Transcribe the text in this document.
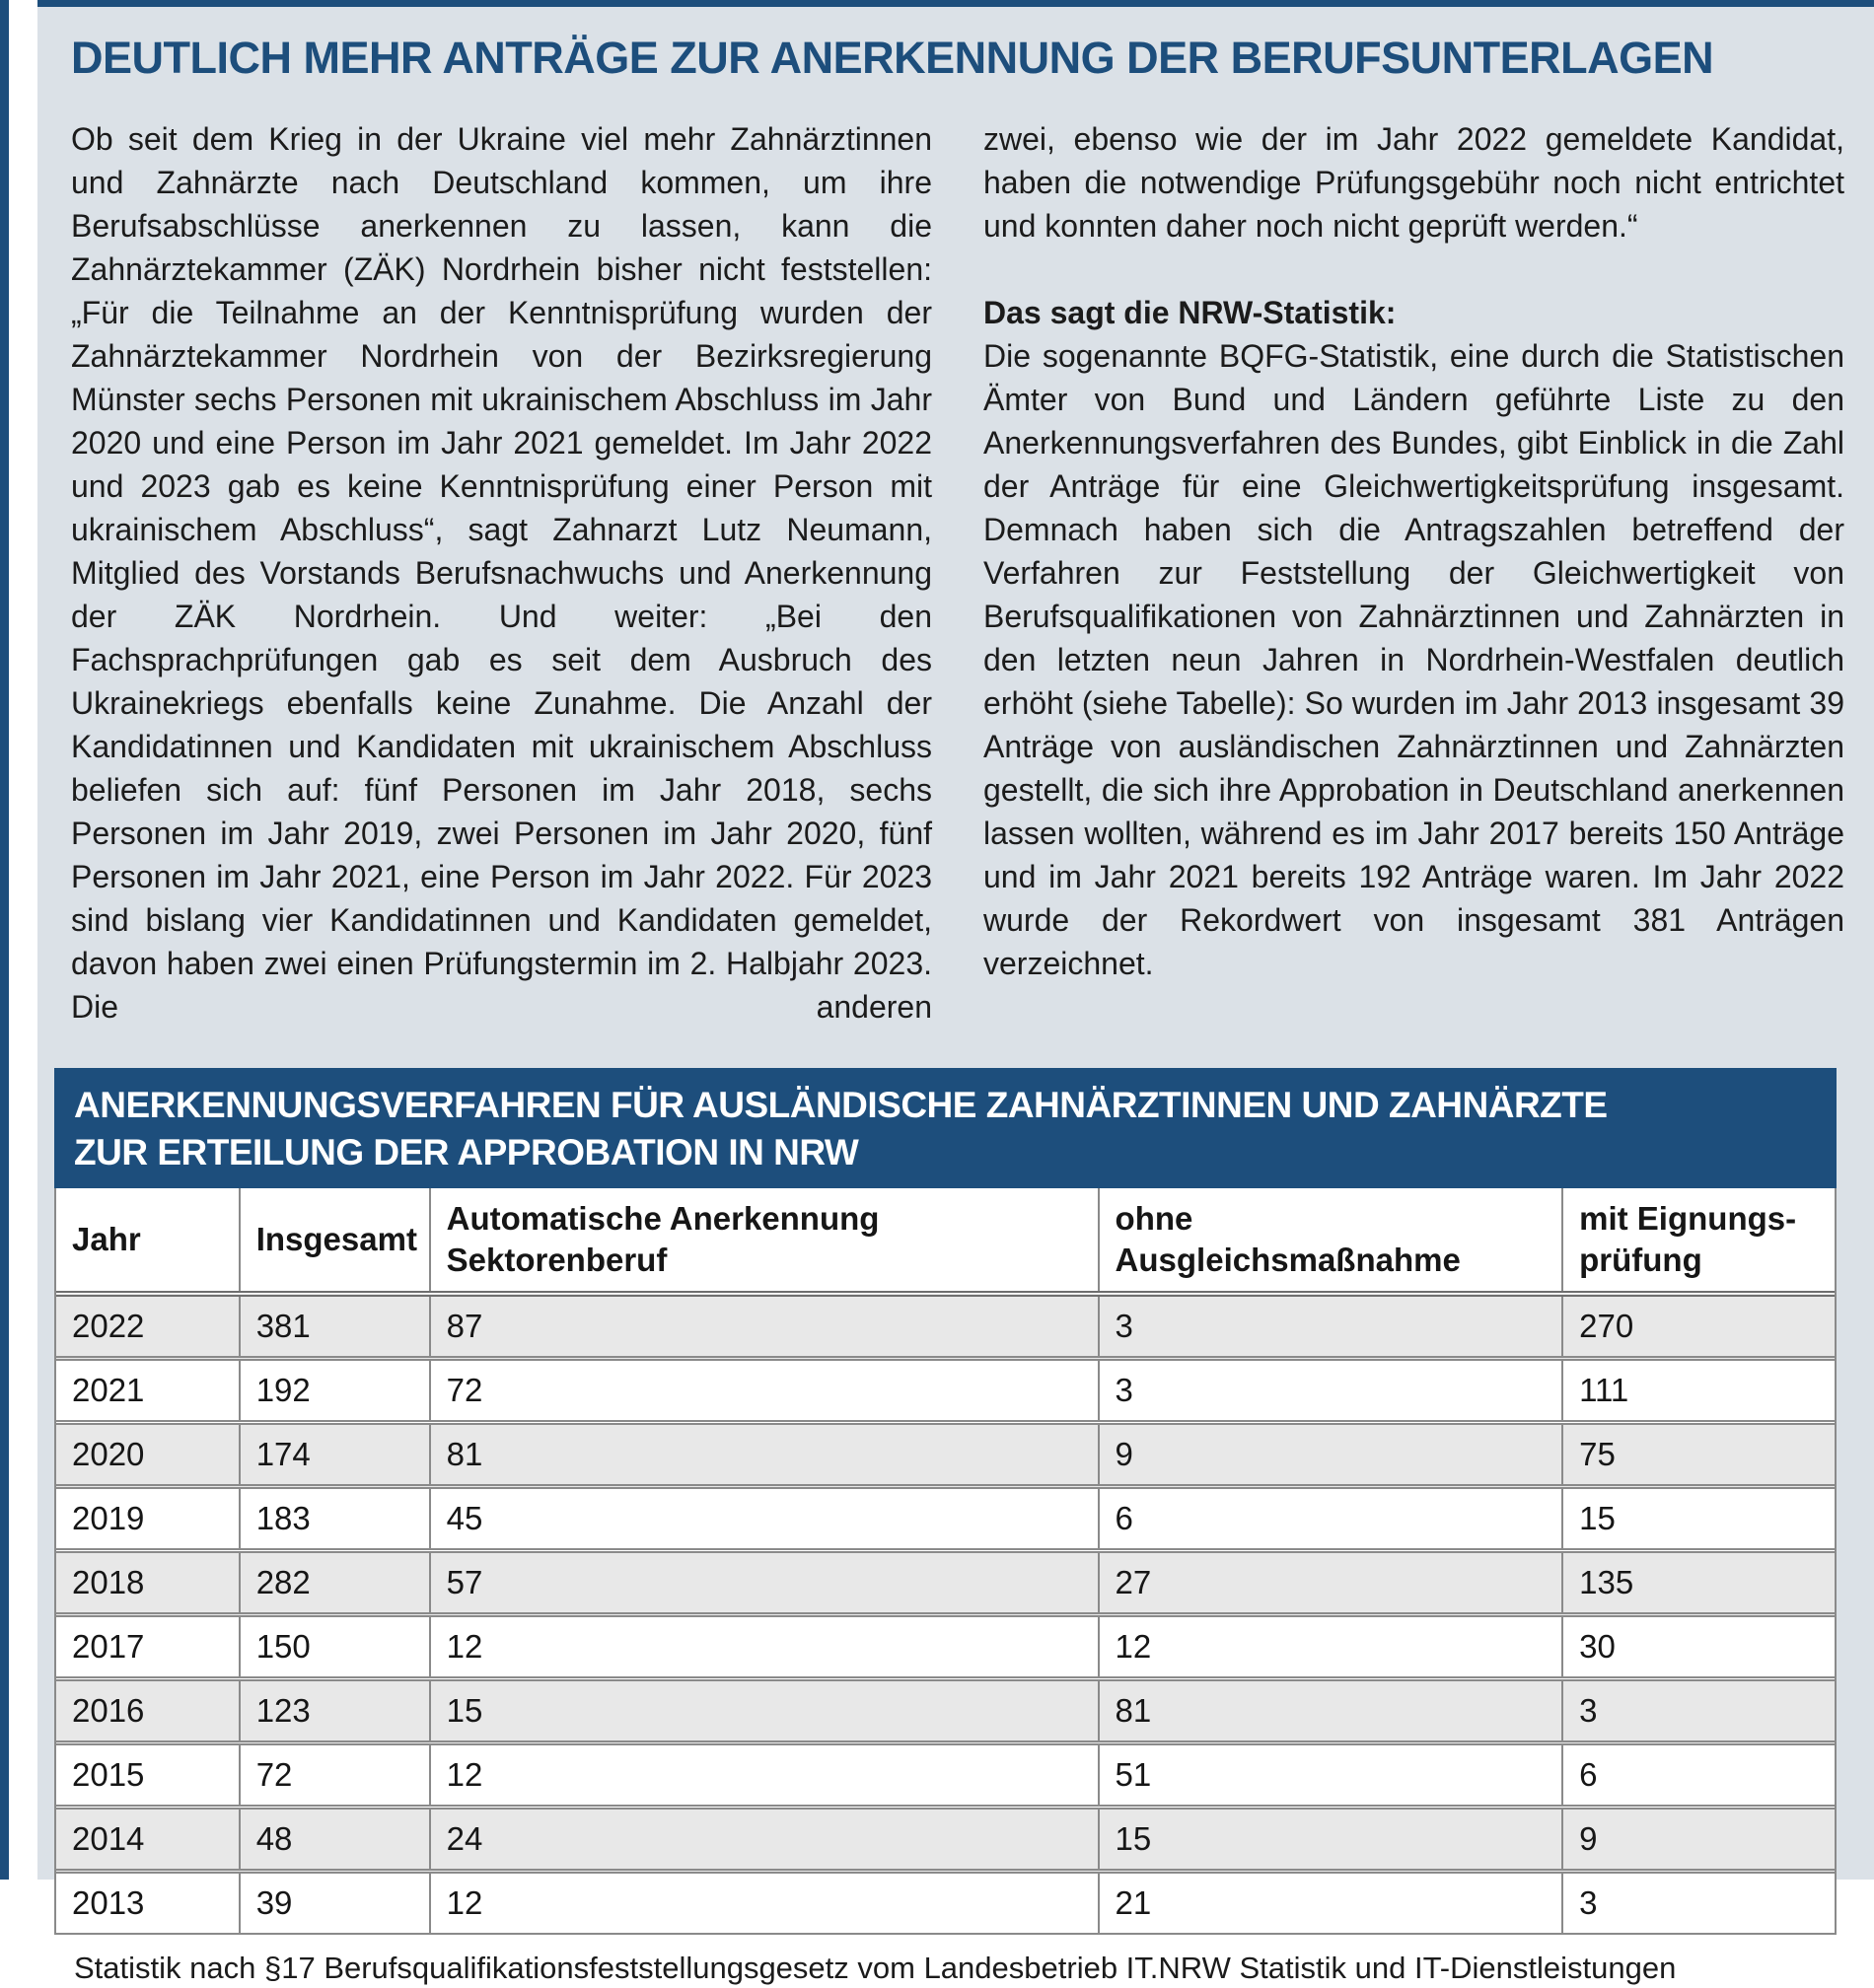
DEUTLICH MEHR ANTRÄGE ZUR ANERKENNUNG DER BERUFSUNTERLAGEN

Ob seit dem Krieg in der Ukraine viel mehr Zahnärztinnen und Zahnärzte nach Deutschland kommen, um ihre Berufsabschlüsse anerkennen zu lassen, kann die Zahnärztekammer (ZÄK) Nordrhein bisher nicht feststellen: „Für die Teilnahme an der Kenntnisprüfung wurden der Zahnärztekammer Nordrhein von der Bezirksregierung Münster sechs Personen mit ukrainischem Abschluss im Jahr 2020 und eine Person im Jahr 2021 gemeldet. Im Jahr 2022 und 2023 gab es keine Kenntnisprüfung einer Person mit ukrainischem Abschluss“, sagt Zahnarzt Lutz Neumann, Mitglied des Vorstands Berufsnachwuchs und Anerkennung der ZÄK Nordrhein. Und weiter: „Bei den Fachsprachprüfungen gab es seit dem Ausbruch des Ukrainekriegs ebenfalls keine Zunahme. Die Anzahl der Kandidatinnen und Kandidaten mit ukrainischem Abschluss beliefen sich auf: fünf Personen im Jahr 2018, sechs Personen im Jahr 2019, zwei Personen im Jahr 2020, fünf Personen im Jahr 2021, eine Person im Jahr 2022. Für 2023 sind bislang vier Kandidatinnen und Kandidaten gemeldet, davon haben zwei einen Prüfungstermin im 2. Halbjahr 2023. Die anderen

zwei, ebenso wie der im Jahr 2022 gemeldete Kandidat, haben die notwendige Prüfungsgebühr noch nicht entrichtet und konnten daher noch nicht geprüft werden.“

Das sagt die NRW-Statistik:

Die sogenannte BQFG-Statistik, eine durch die Statistischen Ämter von Bund und Ländern geführte Liste zu den Anerkennungsverfahren des Bundes, gibt Einblick in die Zahl der Anträge für eine Gleichwertigkeitsprüfung insgesamt. Demnach haben sich die Antragszahlen betreffend der Verfahren zur Feststellung der Gleichwertigkeit von Berufsqualifikationen von Zahnärztinnen und Zahnärzten in den letzten neun Jahren in Nordrhein-Westfalen deutlich erhöht (siehe Tabelle): So wurden im Jahr 2013 insgesamt 39 Anträge von ausländischen Zahnärztinnen und Zahnärzten gestellt, die sich ihre Approbation in Deutschland anerkennen lassen wollten, während es im Jahr 2017 bereits 150 Anträge und im Jahr 2021 bereits 192 Anträge waren. Im Jahr 2022 wurde der Rekordwert von insgesamt 381 Anträgen verzeichnet.

ANERKENNUNGSVERFAHREN FÜR AUSLÄNDISCHE ZAHNÄRZTINNEN UND ZAHNÄRZTE
ZUR ERTEILUNG DER APPROBATION IN NRW
Jahr	Insgesamt	Automatische Anerkennung Sektorenberuf	ohne Ausgleichsmaßnahme	mit Eignungs-prüfung
2022	381	87	3	270
2021	192	72	3	111
2020	174	81	9	75
2019	183	45	6	15
2018	282	57	27	135
2017	150	12	12	30
2016	123	15	81	3
2015	72	12	51	6
2014	48	24	15	9
2013	39	12	21	3

Statistik nach §17 Berufsqualifikationsfeststellungsgesetz vom Landesbetrieb IT.NRW Statistik und IT-Dienstleistungen
